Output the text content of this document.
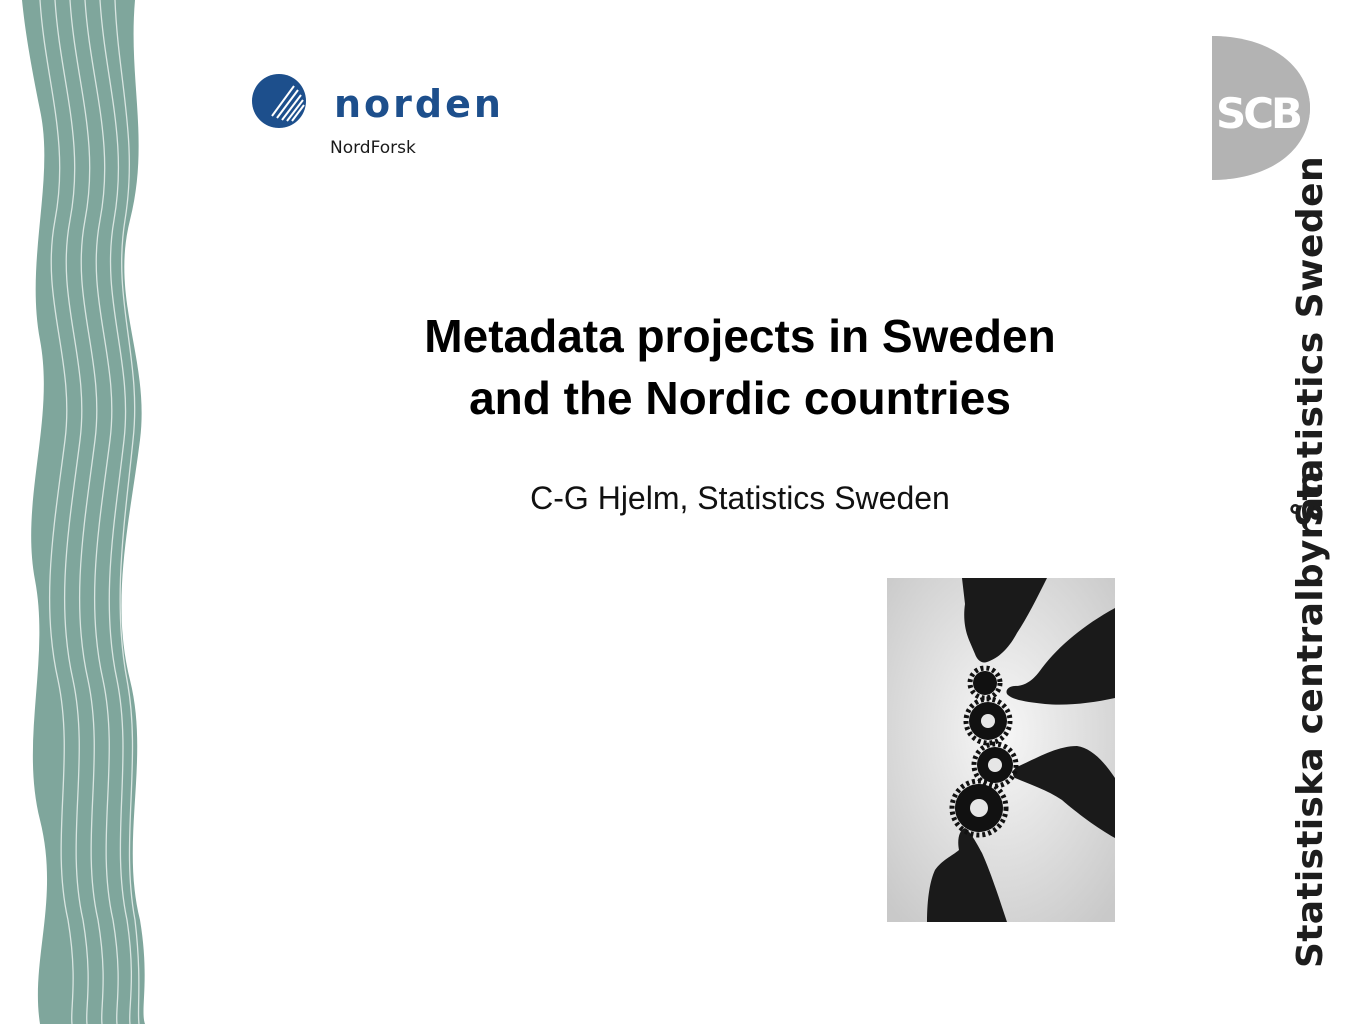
norden
NordForsk
SCB
Statistics Sweden
Statistiska centralbyrån
Metadata projects in Sweden
and the Nordic countries
C-G Hjelm, Statistics Sweden
